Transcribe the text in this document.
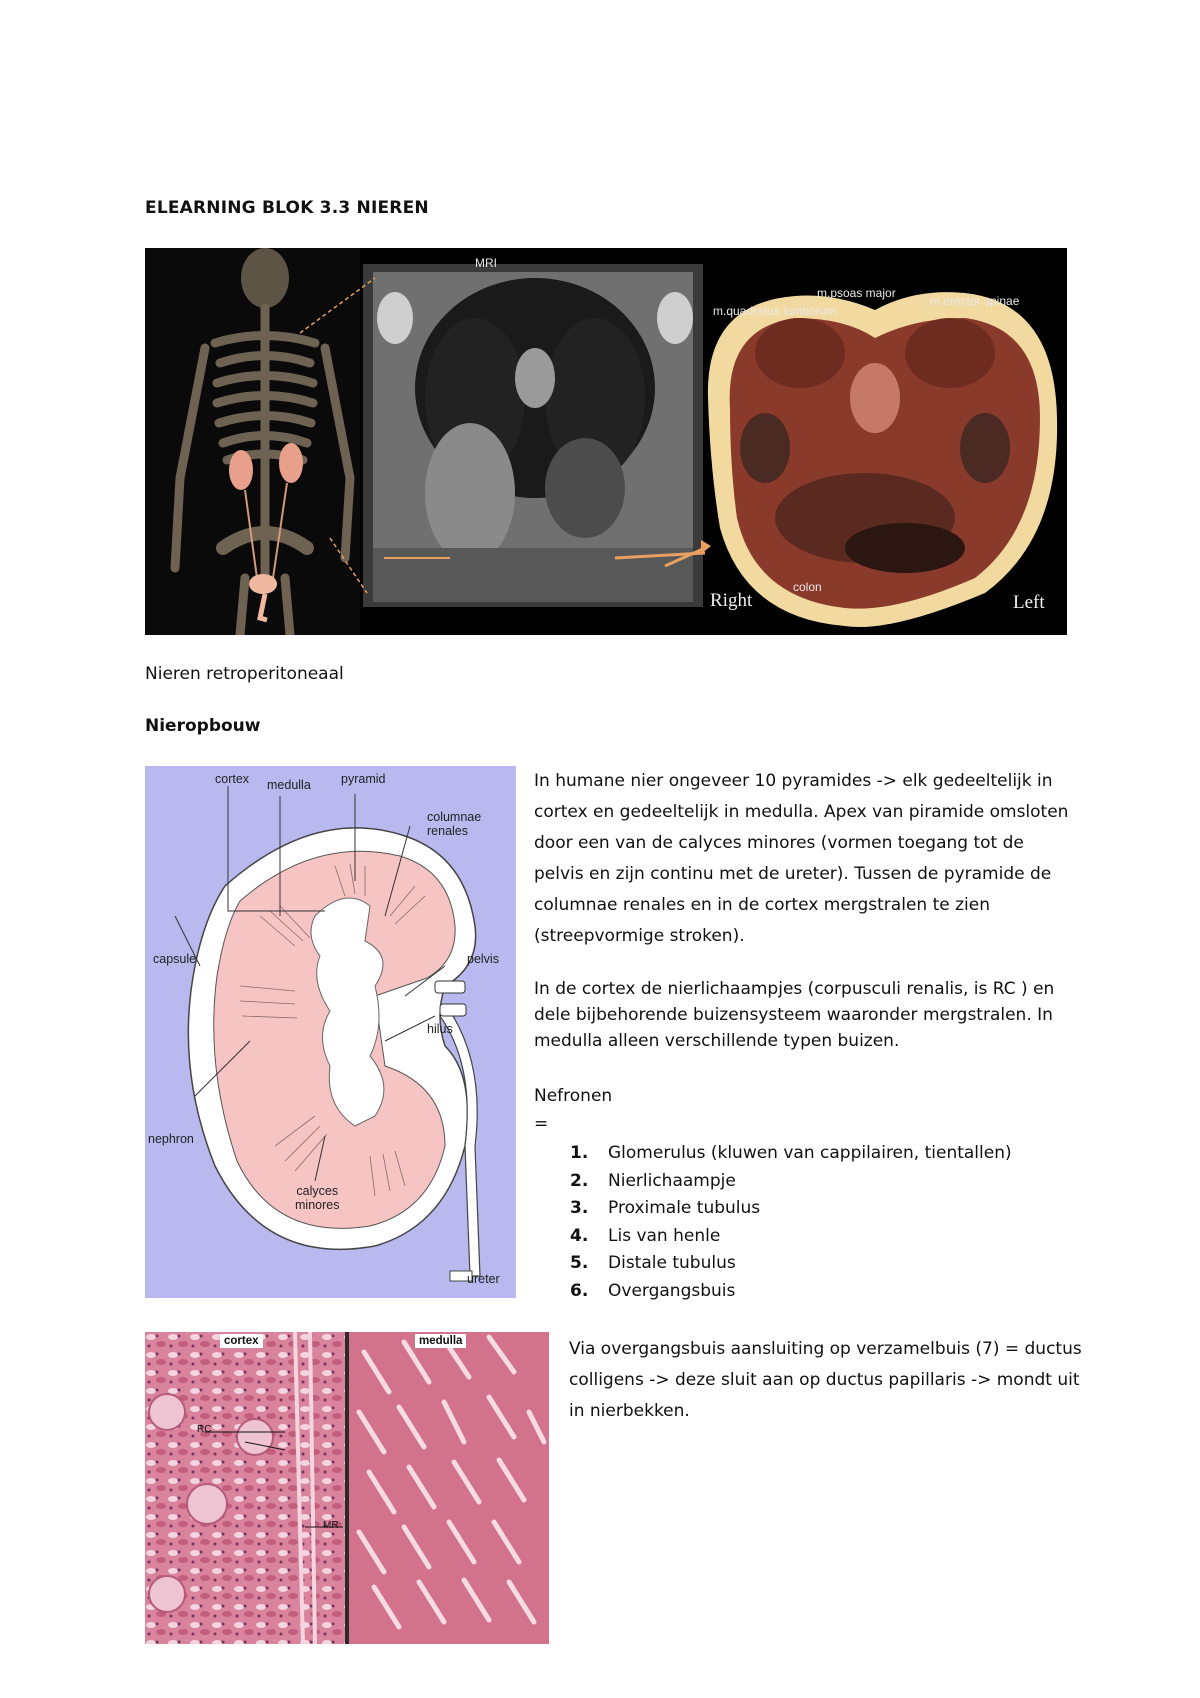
ELEARNING BLOK 3.3 NIEREN
MRI
m.psoas major
m.quadratus lumborum
m.erector spinae
colon
Right	Left
Nieren retroperitoneaal
Nieropbouw
cortex medulla pyramid
columnae
renales
capsule	pelvis
hilus
nephron
calyces
minores
ureter
In humane nier ongeveer 10 pyramides -> elk gedeeltelijk in cortex en gedeeltelijk in medulla. Apex van piramide omsloten door een van de calyces minores (vormen toegang tot de pelvis en zijn continu met de ureter). Tussen de pyramide de columnae renales en in de cortex mergstralen te zien (streepvormige stroken).
In de cortex de nierlichaampjes (corpusculi renalis, is RC ) en dele bijbehorende buizensysteem waaronder mergstralen. In medulla alleen verschillende typen buizen.
Nefronen
=
1.	Glomerulus (kluwen van cappilairen, tientallen)
2.	Nierlichaampje
3.	Proximale tubulus
4.	Lis van henle
5.	Distale tubulus
6.	Overgangsbuis
cortex	medulla
RC
MR
Via overgangsbuis aansluiting op verzamelbuis (7) = ductus colligens -> deze sluit aan op ductus papillaris -> mondt uit in nierbekken.
